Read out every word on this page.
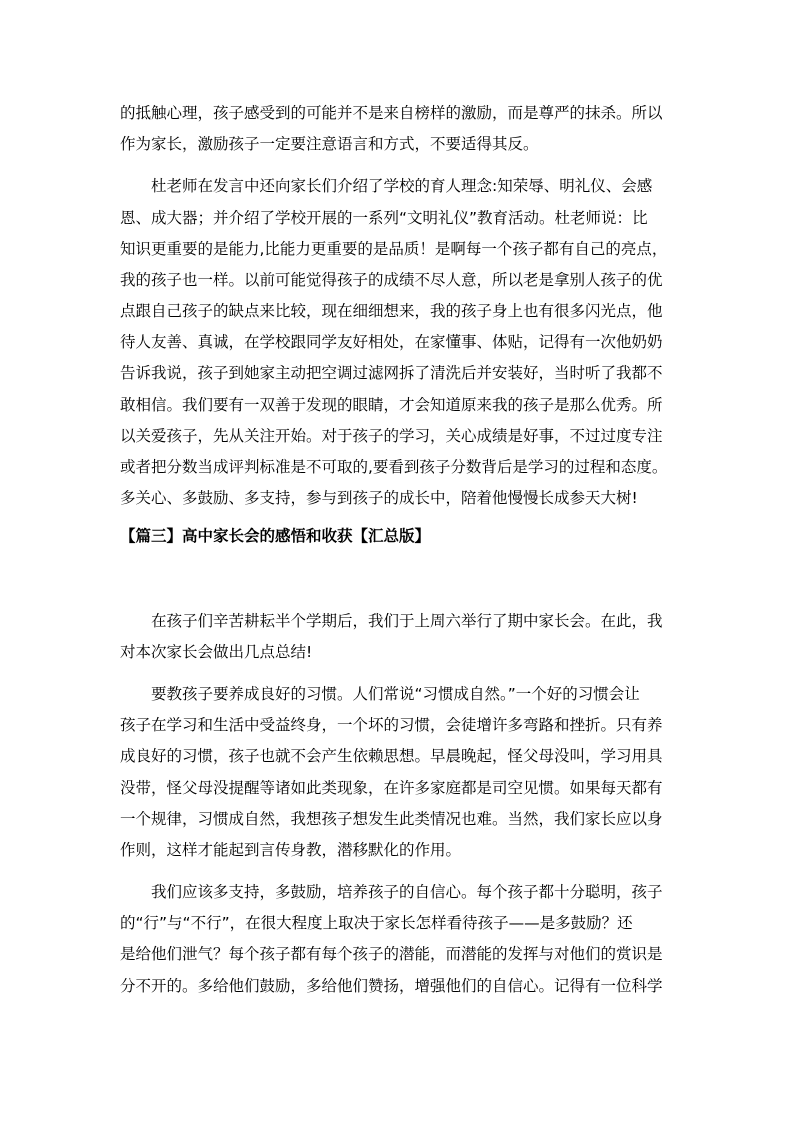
的抵触心理，孩子感受到的可能并不是来自榜样的激励，而是尊严的抹杀。所以
作为家长，激励孩子一定要注意语言和方式，不要适得其反。
杜老师在发言中还向家长们介绍了学校的育人理念:知荣辱、明礼仪、会感
恩、成大器；并介绍了学校开展的一系列“文明礼仪”教育活动。杜老师说：比
知识更重要的是能力,比能力更重要的是品质！是啊每一个孩子都有自己的亮点，
我的孩子也一样。以前可能觉得孩子的成绩不尽人意，所以老是拿别人孩子的优
点跟自己孩子的缺点来比较，现在细细想来，我的孩子身上也有很多闪光点，他
待人友善、真诚，在学校跟同学友好相处，在家懂事、体贴，记得有一次他奶奶
告诉我说，孩子到她家主动把空调过滤网拆了清洗后并安装好，当时听了我都不
敢相信。我们要有一双善于发现的眼睛，才会知道原来我的孩子是那么优秀。所
以关爱孩子，先从关注开始。对于孩子的学习，关心成绩是好事，不过过度专注
或者把分数当成评判标准是不可取的,要看到孩子分数背后是学习的过程和态度。
多关心、多鼓励、多支持，参与到孩子的成长中，陪着他慢慢长成参天大树!
【篇三】高中家长会的感悟和收获【汇总版】
在孩子们辛苦耕耘半个学期后，我们于上周六举行了期中家长会。在此，我
对本次家长会做出几点总结!
要教孩子要养成良好的习惯。人们常说“习惯成自然。”一个好的习惯会让
孩子在学习和生活中受益终身，一个坏的习惯，会徒增许多弯路和挫折。只有养
成良好的习惯，孩子也就不会产生依赖思想。早晨晚起，怪父母没叫，学习用具
没带，怪父母没提醒等诸如此类现象，在许多家庭都是司空见惯。如果每天都有
一个规律，习惯成自然，我想孩子想发生此类情况也难。当然，我们家长应以身
作则，这样才能起到言传身教，潜移默化的作用。
我们应该多支持，多鼓励，培养孩子的自信心。每个孩子都十分聪明，孩子
的“行”与“不行”，在很大程度上取决于家长怎样看待孩子——是多鼓励？还
是给他们泄气？每个孩子都有每个孩子的潜能，而潜能的发挥与对他们的赏识是
分不开的。多给他们鼓励，多给他们赞扬，增强他们的自信心。记得有一位科学
